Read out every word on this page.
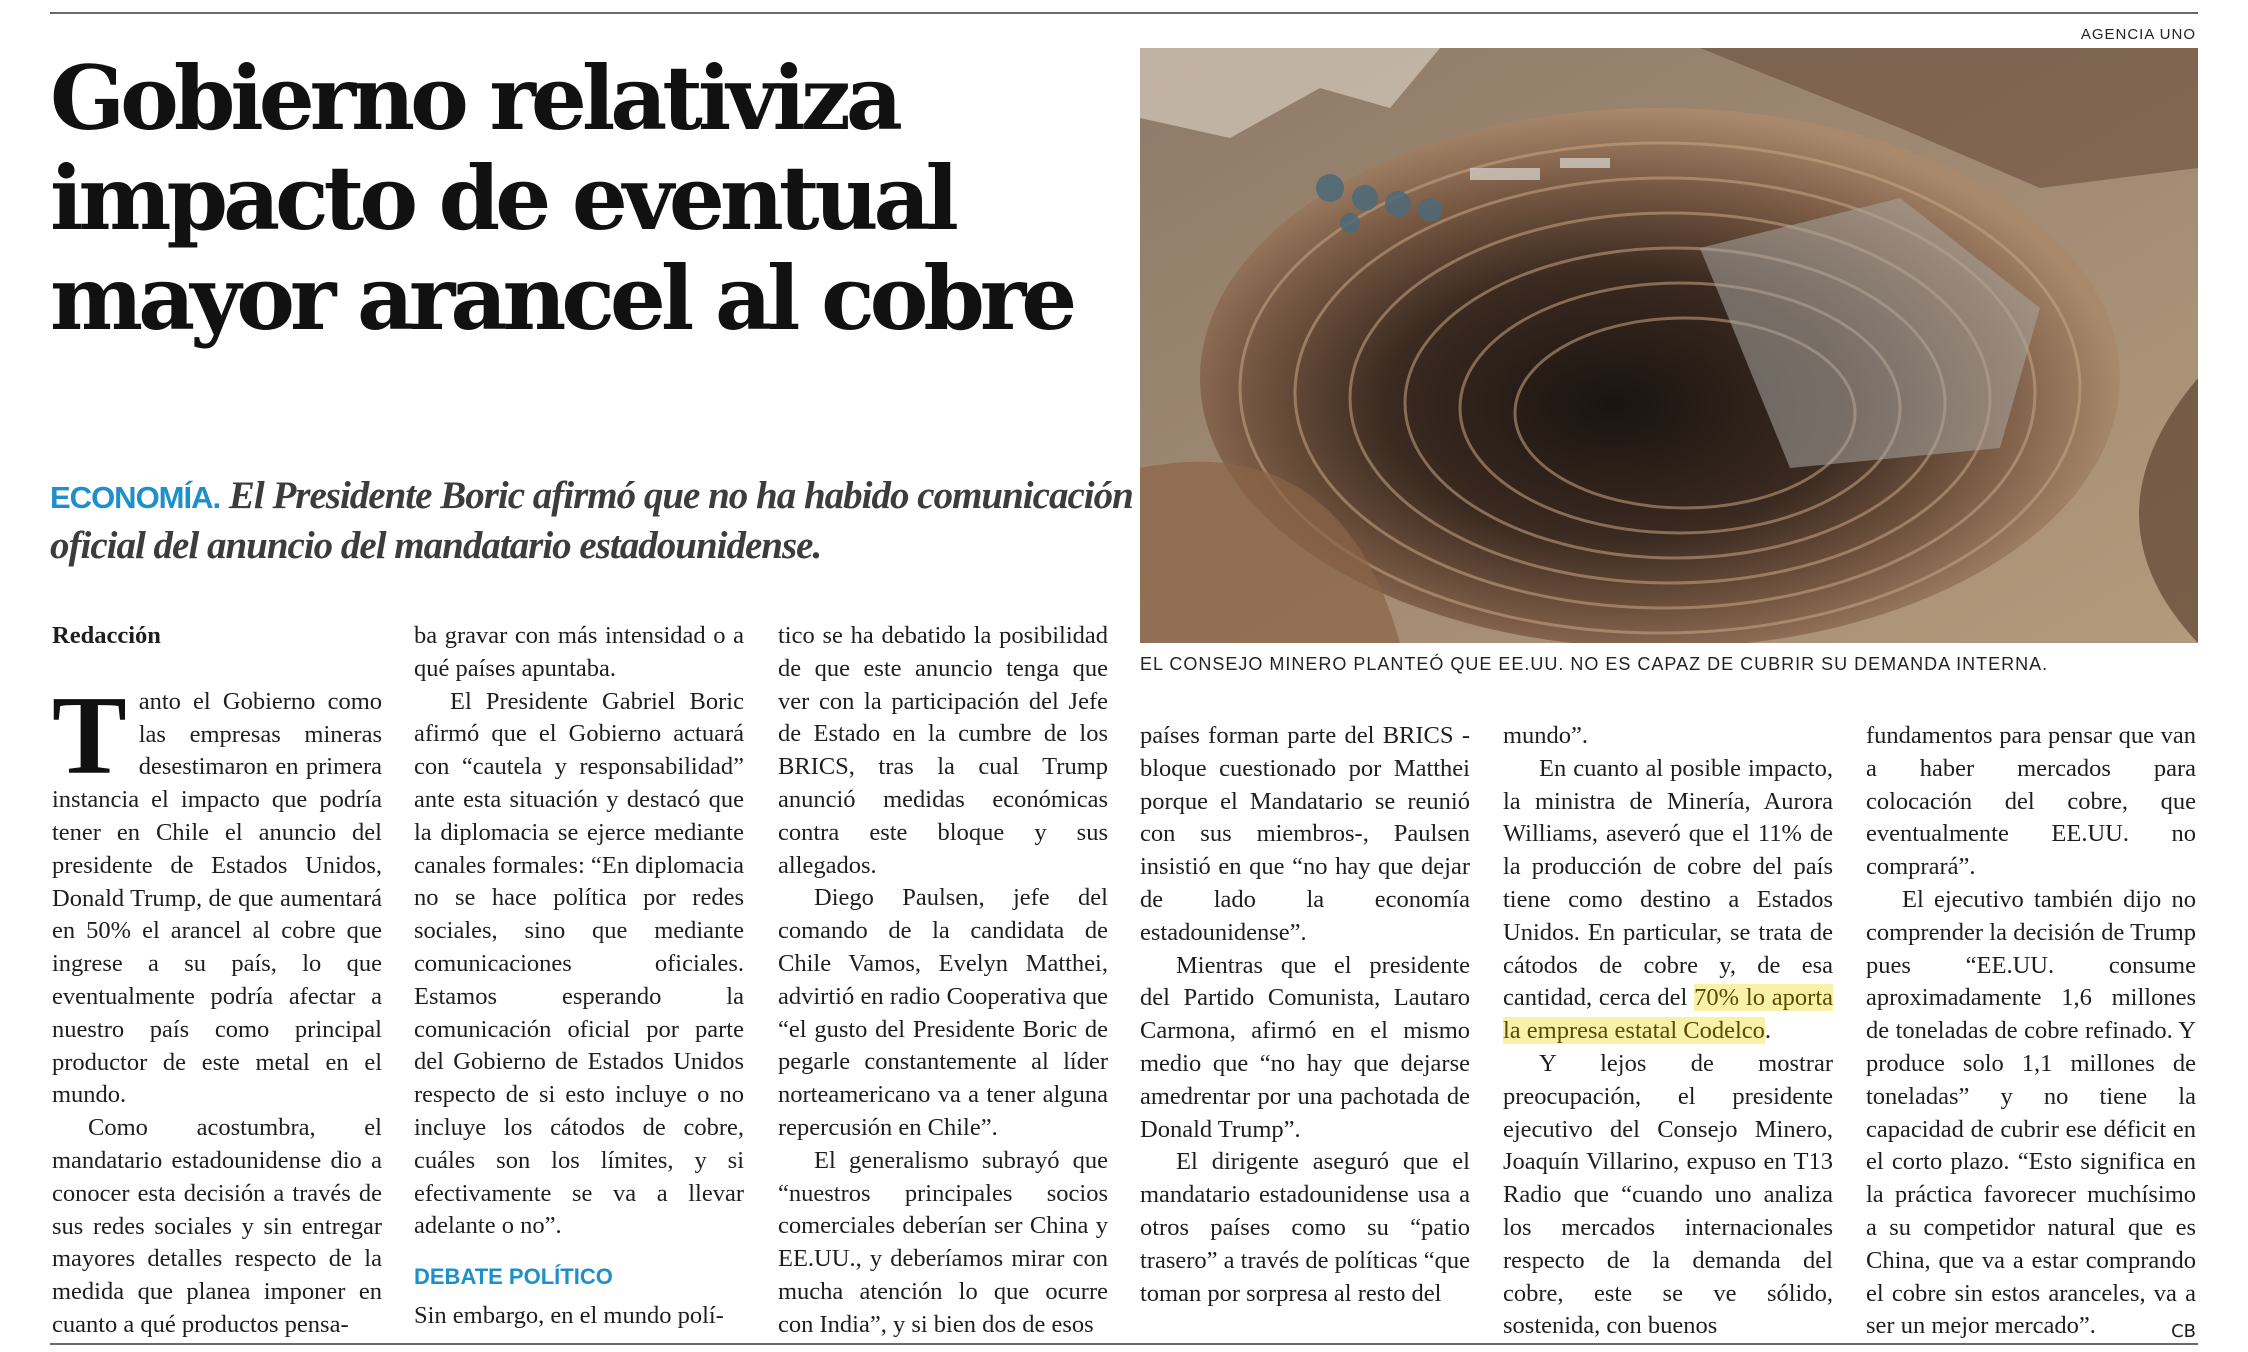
AGENCIA UNO
Gobierno relativiza
impacto de eventual
mayor arancel al cobre
ECONOMÍA. El Presidente Boric afirmó que no ha habido comunicación oficial del anuncio del mandatario estadounidense.
EL CONSEJO MINERO PLANTEÓ QUE EE.UU. NO ES CAPAZ DE CUBRIR SU DEMANDA INTERNA.
Redacción

Tanto el Gobierno como las empresas mineras desestimaron en primera instancia el impacto que podría tener en Chile el anuncio del presidente de Estados Unidos, Donald Trump, de que aumentará en 50% el arancel al cobre que ingrese a su país, lo que eventualmente podría afectar a nuestro país como principal productor de este metal en el mundo.

Como acostumbra, el mandatario estadounidense dio a conocer esta decisión a través de sus redes sociales y sin entregar mayores detalles respecto de la medida que planea imponer en cuanto a qué productos pensa-

ba gravar con más intensidad o a qué países apuntaba.

El Presidente Gabriel Boric afirmó que el Gobierno actuará con “cautela y responsabilidad” ante esta situación y destacó que la diplomacia se ejerce mediante canales formales: “En diplomacia no se hace política por redes sociales, sino que mediante comunicaciones oficiales. Estamos esperando la comunicación oficial por parte del Gobierno de Estados Unidos respecto de si esto incluye o no incluye los cátodos de cobre, cuáles son los límites, y si efectivamente se va a llevar adelante o no”.

DEBATE POLÍTICO

Sin embargo, en el mundo polí-

tico se ha debatido la posibilidad de que este anuncio tenga que ver con la participación del Jefe de Estado en la cumbre de los BRICS, tras la cual Trump anunció medidas económicas contra este bloque y sus allegados.

Diego Paulsen, jefe del comando de la candidata de Chile Vamos, Evelyn Matthei, advirtió en radio Cooperativa que “el gusto del Presidente Boric de pegarle constantemente al líder norteamericano va a tener alguna repercusión en Chile”.

El generalismo subrayó que “nuestros principales socios comerciales deberían ser China y EE.UU., y deberíamos mirar con mucha atención lo que ocurre con India”, y si bien dos de esos

países forman parte del BRICS - bloque cuestionado por Matthei porque el Mandatario se reunió con sus miembros-, Paulsen insistió en que “no hay que dejar de lado la economía estadounidense”.

Mientras que el presidente del Partido Comunista, Lautaro Carmona, afirmó en el mismo medio que “no hay que dejarse amedrentar por una pachotada de Donald Trump”.

El dirigente aseguró que el mandatario estadounidense usa a otros países como su “patio trasero” a través de políticas “que toman por sorpresa al resto del

mundo”.

En cuanto al posible impacto, la ministra de Minería, Aurora Williams, aseveró que el 11% de la producción de cobre del país tiene como destino a Estados Unidos. En particular, se trata de cátodos de cobre y, de esa cantidad, cerca del 70% lo aporta la empresa estatal Codelco.

Y lejos de mostrar preocupación, el presidente ejecutivo del Consejo Minero, Joaquín Villarino, expuso en T13 Radio que “cuando uno analiza los mercados internacionales respecto de la demanda del cobre, este se ve sólido, sostenida, con buenos

fundamentos para pensar que van a haber mercados para colocación del cobre, que eventualmente EE.UU. no comprará”.

El ejecutivo también dijo no comprender la decisión de Trump pues “EE.UU. consume aproximadamente 1,6 millones de toneladas de cobre refinado. Y produce solo 1,1 millones de toneladas” y no tiene la capacidad de cubrir ese déficit en el corto plazo. “Esto significa en la práctica favorecer muchísimo a su competidor natural que es China, que va a estar comprando el cobre sin estos aranceles, va a ser un mejor mercado”.	CB
